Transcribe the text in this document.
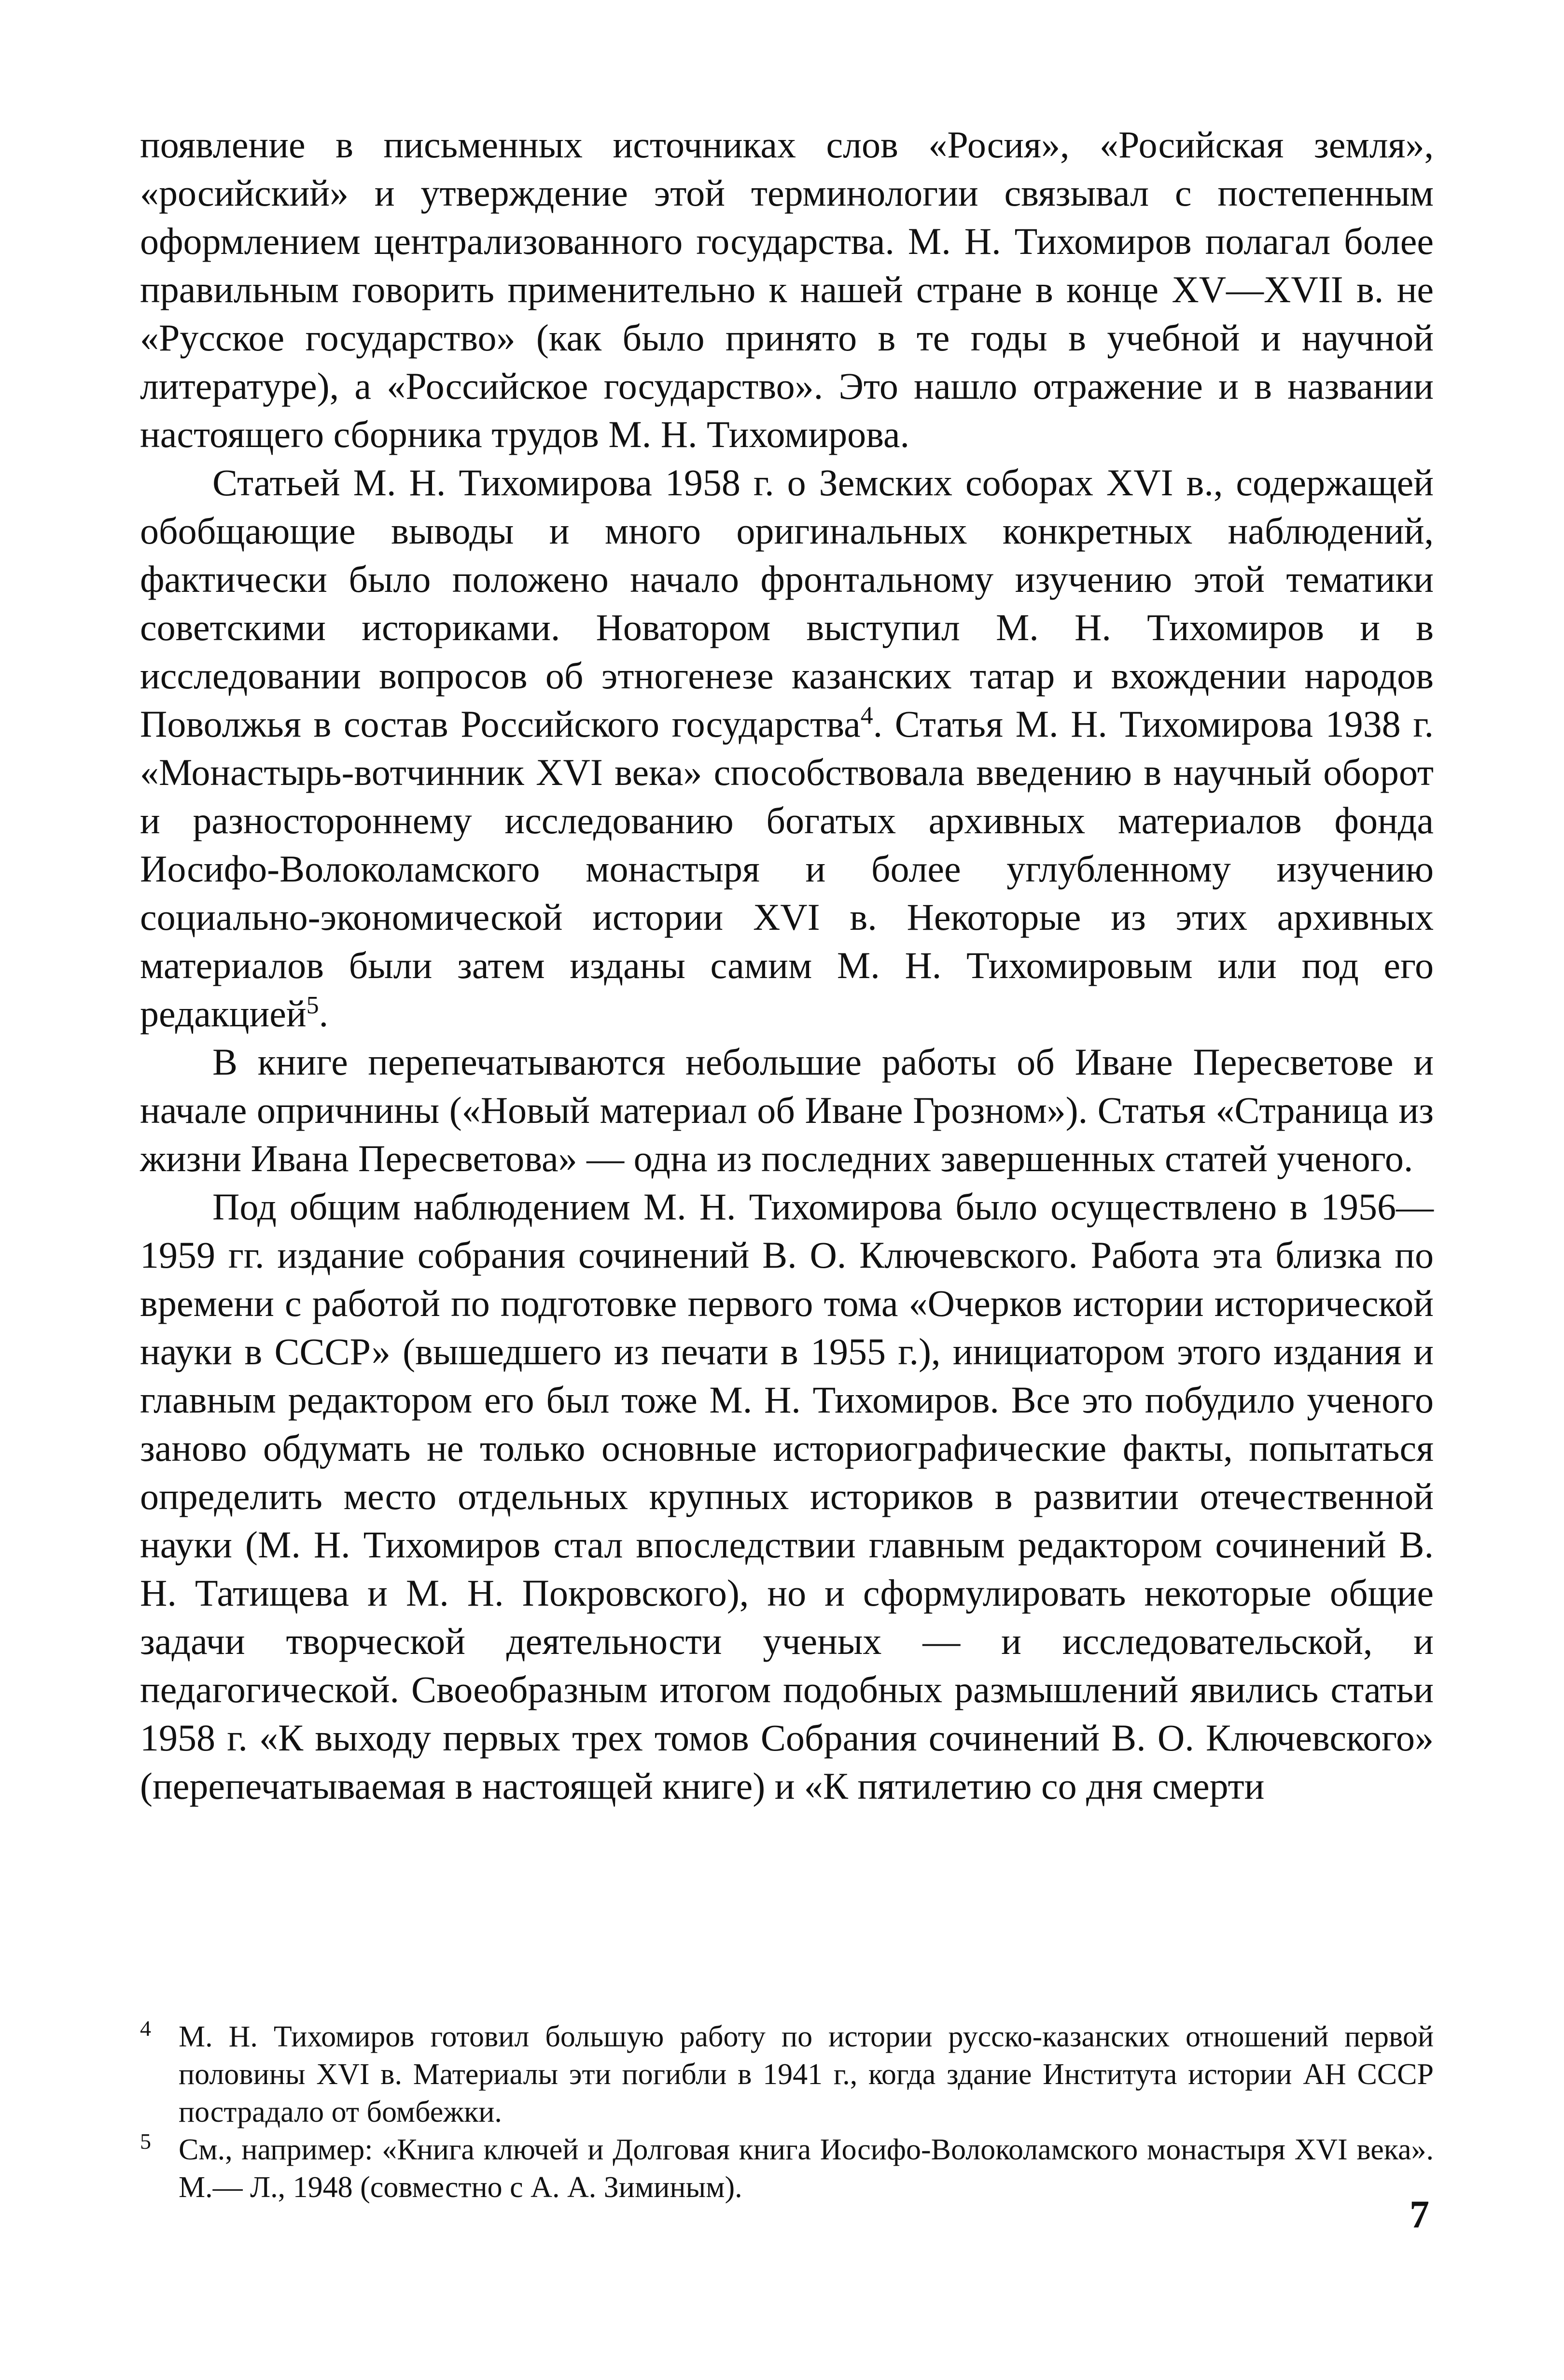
появление в письменных источниках слов «Росия», «Росийская земля», «росийский» и утверждение этой терминологии связывал с постепенным оформлением централизованного государства. М. Н. Тихомиров полагал более правильным говорить применительно к нашей стране в конце XV—XVII в. не «Русское государство» (как было принято в те годы в учебной и научной литературе), а «Российское государство». Это нашло отражение и в названии настоящего сборника трудов М. Н. Тихомирова.

Статьей М. Н. Тихомирова 1958 г. о Земских соборах XVI в., содержащей обобщающие выводы и много оригинальных конкретных наблюдений, фактически было положено начало фронтальному изучению этой тематики советскими историками. Новатором выступил М. Н. Тихомиров и в исследовании вопросов об этногенезе казанских татар и вхождении народов Поволжья в состав Российского государства$^4$. Статья М. Н. Тихомирова 1938 г. «Монастырь-вотчинник XVI века» способствовала введению в научный оборот и разностороннему исследованию богатых архивных материалов фонда Иосифо-Волоколамского монастыря и более углубленному изучению социально-экономической истории XVI в. Некоторые из этих архивных материалов были затем изданы самим М. Н. Тихомировым или под его редакцией$^5$.

В книге перепечатываются небольшие работы об Иване Пересветове и начале опричнины («Новый материал об Иване Грозном»). Статья «Страница из жизни Ивана Пересветова» — одна из последних завершенных статей ученого.

Под общим наблюдением М. Н. Тихомирова было осуществлено в 1956—1959 гг. издание собрания сочинений В. О. Ключевского. Работа эта близка по времени с работой по подготовке первого тома «Очерков истории исторической науки в СССР» (вышедшего из печати в 1955 г.), инициатором этого издания и главным редактором его был тоже М. Н. Тихомиров. Все это побудило ученого заново обдумать не только основные историографические факты, попытаться определить место отдельных крупных историков в развитии отечественной науки (М. Н. Тихомиров стал впоследствии главным редактором сочинений В. Н. Татищева и М. Н. Покровского), но и сформулировать некоторые общие задачи творческой деятельности ученых — и исследовательской, и педагогической. Своеобразным итогом подобных размышлений явились статьи 1958 г. «К выходу первых трех томов Собрания сочинений В. О. Ключевского» (перепечатываемая в настоящей книге) и «К пятилетию со дня смерти

4 М. Н. Тихомиров готовил большую работу по истории русско-казанских отношений первой половины XVI в. Материалы эти погибли в 1941 г., когда здание Института истории АН СССР пострадало от бомбежки.

5 См., например: «Книга ключей и Долговая книга Иосифо-Волоколамского монастыря XVI века». М.— Л., 1948 (совместно с А. А. Зиминым).

7
